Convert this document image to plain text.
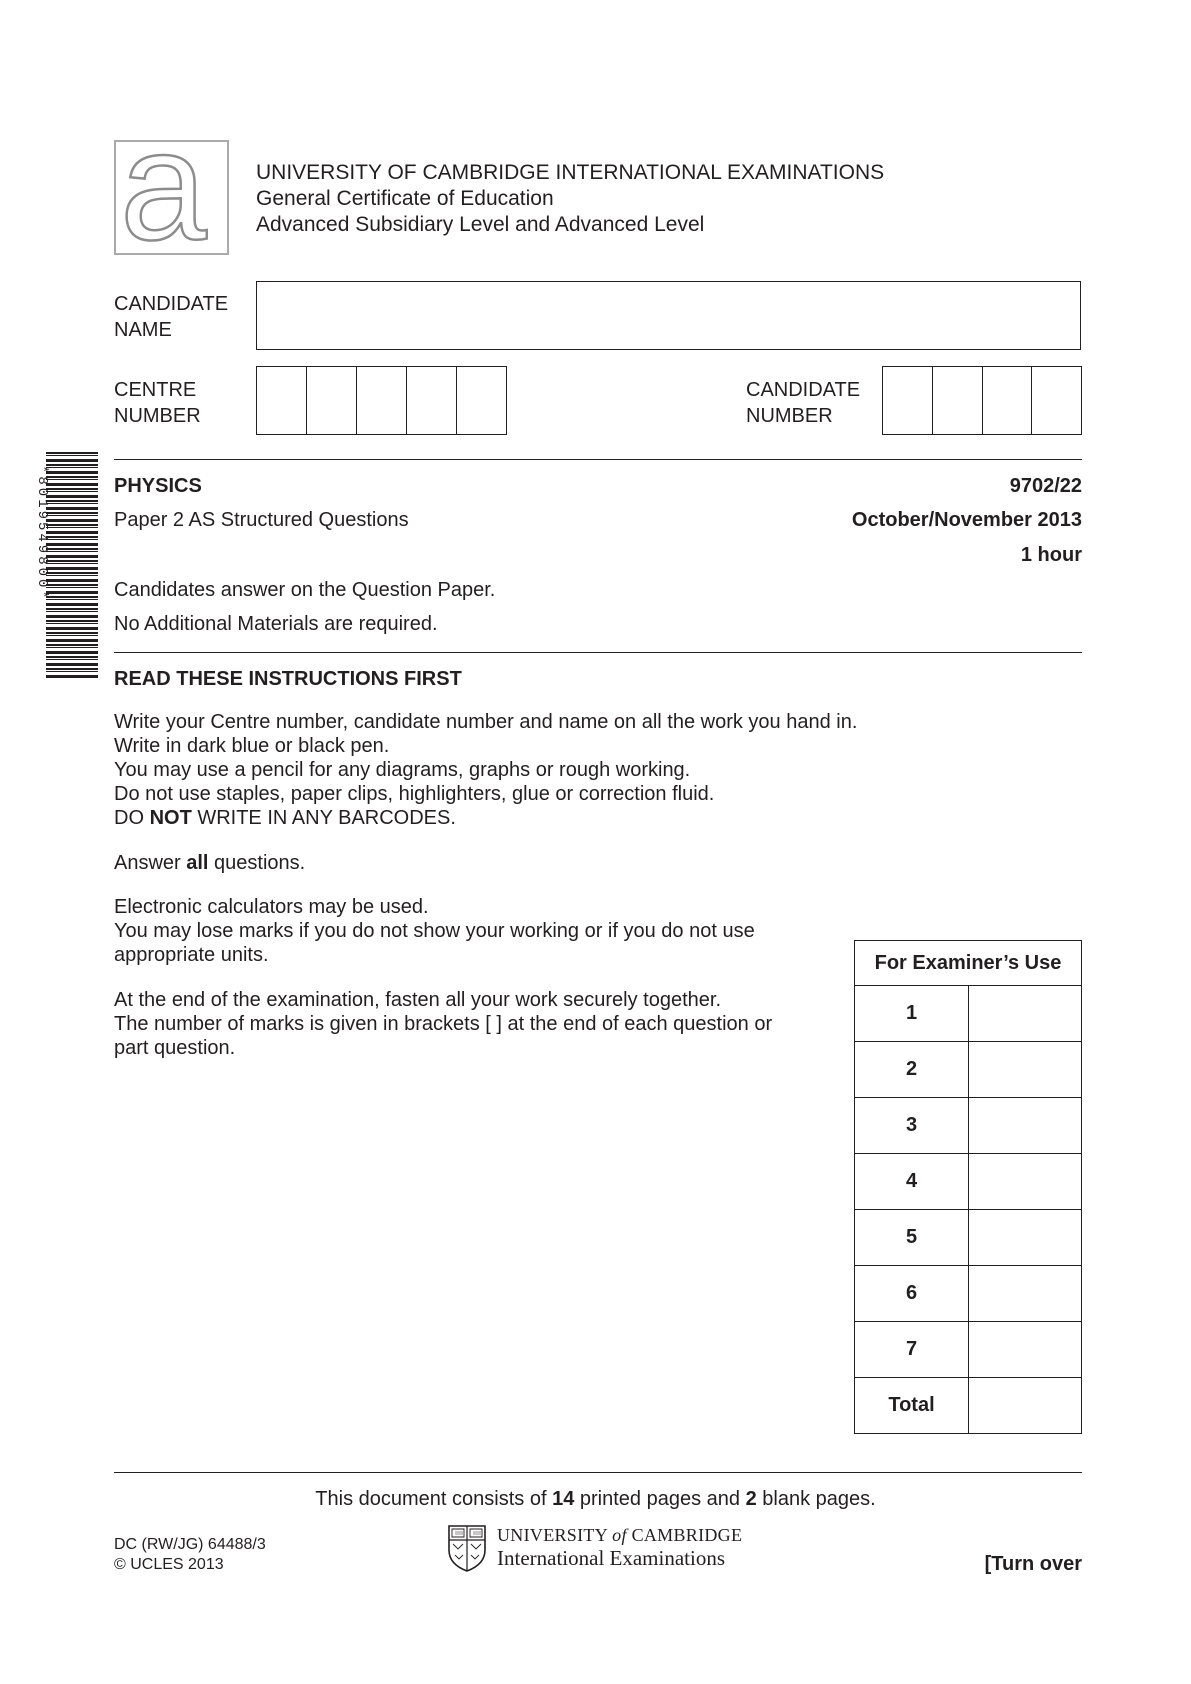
a UNIVERSITY OF CAMBRIDGE INTERNATIONAL EXAMINATIONS
General Certificate of Education
Advanced Subsidiary Level and Advanced Level
CANDIDATE
NAME
CENTRE
NUMBER
CANDIDATE
NUMBER
*8019549800*	PHYSICS	9702/22
Paper 2 AS Structured Questions	October/November 2013
1 hour
Candidates answer on the Question Paper.
No Additional Materials are required.
READ THESE INSTRUCTIONS FIRST
Write your Centre number, candidate number and name on all the work you hand in.
Write in dark blue or black pen.
You may use a pencil for any diagrams, graphs or rough working.
Do not use staples, paper clips, highlighters, glue or correction fluid.
DO NOT WRITE IN ANY BARCODES.
Answer all questions.
Electronic calculators may be used.
You may lose marks if you do not show your working or if you do not use
appropriate units.
At the end of the examination, fasten all your work securely together.
The number of marks is given in brackets [ ] at the end of each question or
part question.
For Examiner’s Use	
1	
2	
3	
4	
5	
6	
7	
Total	
This document consists of 14 printed pages and 2 blank pages.
DC (RW/JG) 64488/3
© UCLES 2013
UNIVERSITY of CAMBRIDGE
International Examinations	[Turn over
